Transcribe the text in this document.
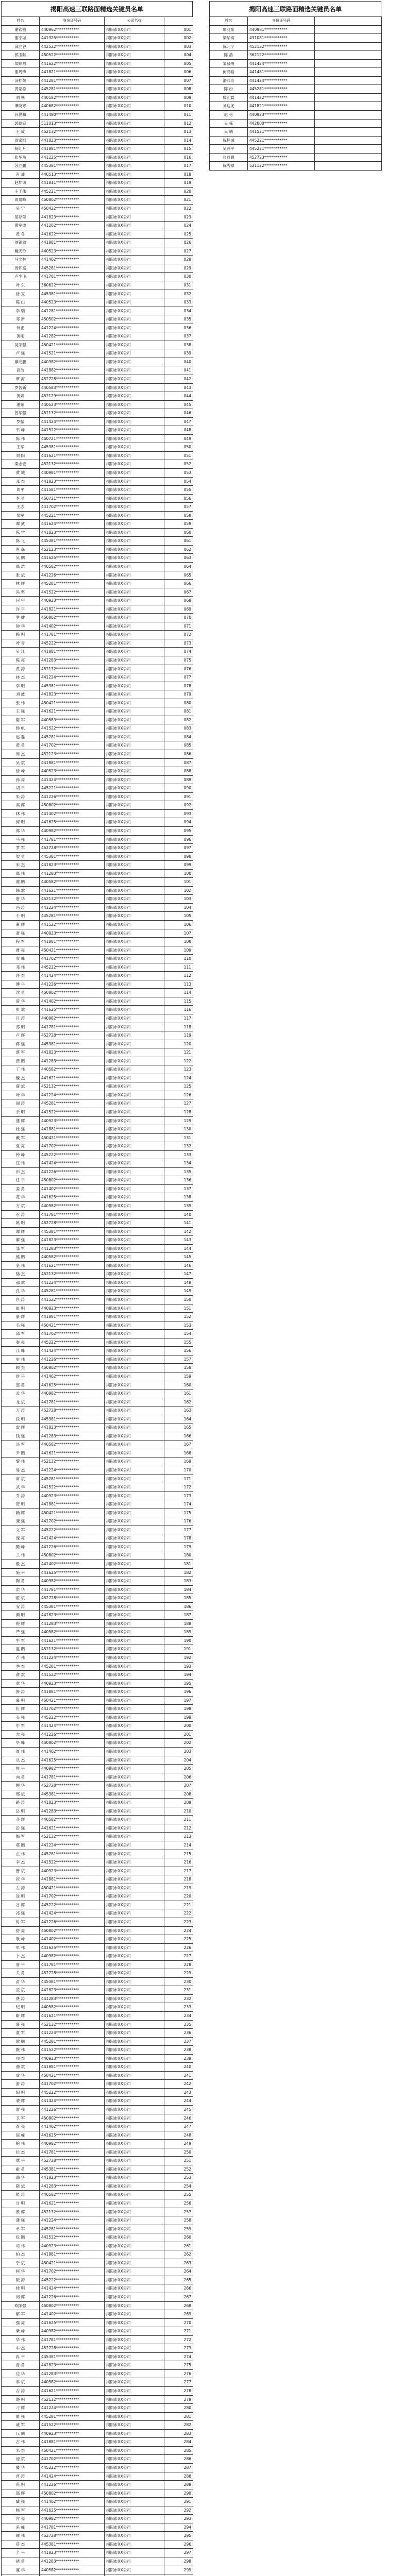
揭阳高速三联路面精选关键员名单
姓名	身份证号码	公司名称	
谢钦楠	440962************	揭阳市XX公司	001
谢宁城	441325************	揭阳市XX公司	002
邱立谷	442522************	揭阳市XX公司	003
郭玉献	450522************	揭阳市XX公司	004
梁顺福	441622************	揭阳市XX公司	005
谢周锋	441821************	揭阳市XX公司	006
汤桂荣	441281************	揭阳市XX公司	007
黄蒙松	445281************	揭阳市XX公司	008
刘 楷	440582************	揭阳市XX公司	009
谭晓寒	440682************	揭阳市XX公司	010
孙世和	441480************	揭阳市XX公司	011
郭德庭	511013************	揭阳市XX公司	012
王 成	452132************	揭阳市XX公司	013
周家纲	441823************	揭阳市XX公司	014
杨红月	441881************	揭阳市XX公司	015
张华岳	441225************	揭阳市XX公司	016
苏立鹏	445381************	揭阳市XX公司	017
肖 沛	440513************	揭阳市XX公司	018
赵坤谦	441811************	揭阳市XX公司	019
王千伟	445221************	揭阳市XX公司	020
周景峰	450802************	揭阳市XX公司	021
吴 宁	450422************	揭阳市XX公司	022
邬存荣	441823************	揭阳市XX公司	023
黄军波	441202************	揭阳市XX公司	024
黄 冬	441622************	揭阳市XX公司	025
刘锦敏	441881************	揭阳市XX公司	026
戴天玲	440523************	揭阳市XX公司	027
马文林	441402************	揭阳市XX公司	028
周怀富	445281************	揭阳市XX公司	029
卢少飞	441781************	揭阳市XX公司	030
叶 东	360622************	揭阳市XX公司	031
徐 宝	445381************	揭阳市XX公司	032
陈 山	440523************	揭阳市XX公司	033
李 瑞	441281************	揭阳市XX公司	034
邓 新	450502************	揭阳市XX公司	035
钟正	441224************	揭阳市XX公司	036
黄刚	441282************	揭阳市XX公司	037
吴荣强	450421************	揭阳市XX公司	038
卢 强	441521************	揭阳市XX公司	039
廖元鹏	440982************	揭阳市XX公司	040
高浩	441882************	揭阳市XX公司	041
覃 海	452728************	揭阳市XX公司	042
罗智新	440583************	揭阳市XX公司	043
黄斌	452129************	揭阳市XX公司	044
潘东	440523************	揭阳市XX公司	045
曾华强	452132************	揭阳市XX公司	046
罗振	441424************	揭阳市XX公司	047
韦 峰	441522************	揭阳市XX公司	048
陈 伟	450721************	揭阳市XX公司	049
王军	445381************	揭阳市XX公司	050
刘 阳	441621************	揭阳市XX公司	051
梁志宏	452132************	揭阳市XX公司	052
黄 城	440981************	揭阳市XX公司	053
邓 杰	441823************	揭阳市XX公司	054
周平	441581************	揭阳市XX公司	055
李 勇	450721************	揭阳市XX公司	056
王志	441702************	揭阳市XX公司	057
梁军	445221************	揭阳市XX公司	058
谭 武	441624************	揭阳市XX公司	059
陈 学	441823************	揭阳市XX公司	060
陈 飞	445381************	揭阳市XX公司	061
唐 磊	452123************	揭阳市XX公司	062
吴 鹏	441625************	揭阳市XX公司	063
郑 浩	440582************	揭阳市XX公司	064
张 斌	441226************	揭阳市XX公司	065
林 辉	445281************	揭阳市XX公司	066
冯 坚	441522************	揭阳市XX公司	067
何 宇	440923************	揭阳市XX公司	068
许 平	441821************	揭阳市XX公司	069
罗 健	450802************	揭阳市XX公司	070
钟 华	441402************	揭阳市XX公司	071
赖 明	441781************	揭阳市XX公司	072
叶 青	445222************	揭阳市XX公司	073
吴 江	441881************	揭阳市XX公司	074
陈 亮	441283************	揭阳市XX公司	075
黄 涛	452132************	揭阳市XX公司	076
林 杰	441224************	揭阳市XX公司	077
李 明	445381************	揭阳市XX公司	078
刘 波	441823************	揭阳市XX公司	079
张 伟	450421************	揭阳市XX公司	080
王 强	441621************	揭阳市XX公司	081
陈 军	440583************	揭阳市XX公司	082
杨 帆	441522************	揭阳市XX公司	083
赵 磊	445281************	揭阳市XX公司	084
黄 勇	441702************	揭阳市XX公司	085
周 杰	452123************	揭阳市XX公司	086
吴 斌	441881************	揭阳市XX公司	087
徐 峰	440523************	揭阳市XX公司	088
孙 亮	441424************	揭阳市XX公司	089
胡 平	445221************	揭阳市XX公司	090
朱 涛	441226************	揭阳市XX公司	091
高 辉	450802************	揭阳市XX公司	092
林 伟	441402************	揭阳市XX公司	093
何 明	441625************	揭阳市XX公司	094
郭 华	440982************	揭阳市XX公司	095
马 强	441781************	揭阳市XX公司	096
罗 军	452728************	揭阳市XX公司	097
梁 勇	445381************	揭阳市XX公司	098
宋 杰	441823************	揭阳市XX公司	099
郑 伟	441283************	揭阳市XX公司	100
谢 鹏	440582************	揭阳市XX公司	101
韩 斌	441621************	揭阳市XX公司	102
唐 华	452132************	揭阳市XX公司	103
冯 涛	441224************	揭阳市XX公司	104
于 明	445281************	揭阳市XX公司	105
董 辉	441522************	揭阳市XX公司	106
萧 强	440923************	揭阳市XX公司	107
程 军	441881************	揭阳市XX公司	108
曹 亮	450421************	揭阳市XX公司	109
袁 峰	441702************	揭阳市XX公司	110
邓 伟	445222************	揭阳市XX公司	111
许 杰	441424************	揭阳市XX公司	112
傅 平	441226************	揭阳市XX公司	113
沈 勇	450802************	揭阳市XX公司	114
曾 华	441402************	揭阳市XX公司	115
彭 斌	441625************	揭阳市XX公司	116
吕 涛	440982************	揭阳市XX公司	117
苏 明	441781************	揭阳市XX公司	118
卢 辉	452728************	揭阳市XX公司	119
蒋 强	445381************	揭阳市XX公司	120
蔡 军	441823************	揭阳市XX公司	121
贾 鹏	441283************	揭阳市XX公司	122
丁 伟	440582************	揭阳市XX公司	123
魏 杰	441621************	揭阳市XX公司	124
薛 斌	452132************	揭阳市XX公司	125
叶 华	441224************	揭阳市XX公司	126
阎 涛	445281************	揭阳市XX公司	127
余 明	441522************	揭阳市XX公司	128
潘 辉	440923************	揭阳市XX公司	129
杜 强	441881************	揭阳市XX公司	130
戴 军	450421************	揭阳市XX公司	131
夏 亮	441702************	揭阳市XX公司	132
钟 峰	445222************	揭阳市XX公司	133
汪 伟	441424************	揭阳市XX公司	134
田 杰	441226************	揭阳市XX公司	135
任 平	450802************	揭阳市XX公司	136
姜 勇	441402************	揭阳市XX公司	137
范 华	441625************	揭阳市XX公司	138
方 斌	440982************	揭阳市XX公司	139
石 涛	441781************	揭阳市XX公司	140
姚 明	452728************	揭阳市XX公司	141
谭 辉	445381************	揭阳市XX公司	142
廖 强	441823************	揭阳市XX公司	143
邹 军	441283************	揭阳市XX公司	144
熊 鹏	440582************	揭阳市XX公司	145
金 伟	441621************	揭阳市XX公司	146
陆 杰	452132************	揭阳市XX公司	147
郝 斌	441224************	揭阳市XX公司	148
孔 华	445281************	揭阳市XX公司	149
白 涛	441522************	揭阳市XX公司	150
崔 明	440923************	揭阳市XX公司	151
康 辉	441881************	揭阳市XX公司	152
毛 强	450421************	揭阳市XX公司	153
邱 军	441702************	揭阳市XX公司	154
秦 亮	445222************	揭阳市XX公司	155
江 峰	441424************	揭阳市XX公司	156
史 伟	441226************	揭阳市XX公司	157
顾 杰	450802************	揭阳市XX公司	158
侯 平	441402************	揭阳市XX公司	159
邵 勇	441625************	揭阳市XX公司	160
孟 华	440982************	揭阳市XX公司	161
龙 斌	441781************	揭阳市XX公司	162
万 涛	452728************	揭阳市XX公司	163
段 明	445381************	揭阳市XX公司	164
雷 辉	441823************	揭阳市XX公司	165
钱 强	441283************	揭阳市XX公司	166
汤 军	440582************	揭阳市XX公司	167
尹 鹏	441621************	揭阳市XX公司	168
黎 伟	452132************	揭阳市XX公司	169
易 杰	441224************	揭阳市XX公司	170
常 斌	445281************	揭阳市XX公司	171
武 华	441522************	揭阳市XX公司	172
乔 涛	440923************	揭阳市XX公司	173
贺 明	441881************	揭阳市XX公司	174
赖 辉	450421************	揭阳市XX公司	175
龚 强	441702************	揭阳市XX公司	176
文 军	445222************	揭阳市XX公司	177
庞 亮	441424************	揭阳市XX公司	178
樊 峰	441226************	揭阳市XX公司	179
兰 伟	450802************	揭阳市XX公司	180
殷 杰	441402************	揭阳市XX公司	181
施 平	441625************	揭阳市XX公司	182
陶 勇	440982************	揭阳市XX公司	183
洪 华	441781************	揭阳市XX公司	184
翟 斌	452728************	揭阳市XX公司	185
安 涛	445381************	揭阳市XX公司	186
颜 明	441823************	揭阳市XX公司	187
倪 辉	441283************	揭阳市XX公司	188
严 强	440582************	揭阳市XX公司	189
牛 军	441621************	揭阳市XX公司	190
温 鹏	452132************	揭阳市XX公司	191
芦 伟	441224************	揭阳市XX公司	192
季 杰	445281************	揭阳市XX公司	193
俞 斌	441522************	揭阳市XX公司	194
章 华	440923************	揭阳市XX公司	195
鲁 涛	441881************	揭阳市XX公司	196
葛 明	450421************	揭阳市XX公司	197
伍 辉	441702************	揭阳市XX公司	198
韦 强	445222************	揭阳市XX公司	199
申 军	441424************	揭阳市XX公司	200
尤 亮	441226************	揭阳市XX公司	201
毕 峰	450802************	揭阳市XX公司	202
聂 伟	441402************	揭阳市XX公司	203
丛 杰	441625************	揭阳市XX公司	204
焦 平	440982************	揭阳市XX公司	205
向 勇	441781************	揭阳市XX公司	206
柳 华	452728************	揭阳市XX公司	207
邢 斌	445381************	揭阳市XX公司	208
路 涛	441823************	揭阳市XX公司	209
岳 明	441283************	揭阳市XX公司	210
齐 辉	440582************	揭阳市XX公司	211
沿 强	441621************	揭阳市XX公司	212
梅 军	452132************	揭阳市XX公司	213
莫 鹏	441224************	揭阳市XX公司	214
庄 伟	445281************	揭阳市XX公司	215
辛 杰	441522************	揭阳市XX公司	216
管 斌	440923************	揭阳市XX公司	217
祝 华	441881************	揭阳市XX公司	218
左 涛	450421************	揭阳市XX公司	219
涂 明	441702************	揭阳市XX公司	220
谷 辉	445222************	揭阳市XX公司	221
祁 强	441424************	揭阳市XX公司	222
时 军	441226************	揭阳市XX公司	223
舒 亮	450802************	揭阳市XX公司	224
耿 峰	441402************	揭阳市XX公司	225
牟 伟	441625************	揭阳市XX公司	226
卜 杰	440982************	揭阳市XX公司	227
詹 平	441781************	揭阳市XX公司	228
关 勇	452728************	揭阳市XX公司	229
苗 华	445381************	揭阳市XX公司	230
凌 斌	441823************	揭阳市XX公司	231
费 涛	441283************	揭阳市XX公司	232
纪 明	440582************	揭阳市XX公司	233
靳 辉	441621************	揭阳市XX公司	234
盛 强	452132************	揭阳市XX公司	235
童 军	441224************	揭阳市XX公司	236
欧 鹏	445281************	揭阳市XX公司	237
甄 伟	441522************	揭阳市XX公司	238
项 杰	440923************	揭阳市XX公司	239
曲 斌	441881************	揭阳市XX公司	240
成 华	450421************	揭阳市XX公司	241
游 涛	441702************	揭阳市XX公司	242
阳 明	445222************	揭阳市XX公司	243
裴 辉	441424************	揭阳市XX公司	244
席 强	441226************	揭阳市XX公司	245
卫 军	450802************	揭阳市XX公司	246
查 亮	441402************	揭阳市XX公司	247
屈 峰	441625************	揭阳市XX公司	248
鲍 伟	440982************	揭阳市XX公司	249
位 杰	441781************	揭阳市XX公司	250
覃 平	452728************	揭阳市XX公司	251
霍 勇	445381************	揭阳市XX公司	252
翁 华	441823************	揭阳市XX公司	253
隋 斌	441283************	揭阳市XX公司	254
植 涛	440582************	揭阳市XX公司	255
甘 明	441621************	揭阳市XX公司	256
景 辉	452132************	揭阳市XX公司	257
薄 强	441224************	揭阳市XX公司	258
单 军	445281************	揭阳市XX公司	259
包 鹏	441522************	揭阳市XX公司	260
司 伟	440923************	揭阳市XX公司	261
柏 杰	441881************	揭阳市XX公司	262
宁 斌	450421************	揭阳市XX公司	263
柯 华	441702************	揭阳市XX公司	264
阮 涛	445222************	揭阳市XX公司	265
桂 明	441424************	揭阳市XX公司	266
闵 辉	441226************	揭阳市XX公司	267
欧阳强	450802************	揭阳市XX公司	268
解 军	441402************	揭阳市XX公司	269
强 亮	441625************	揭阳市XX公司	270
柴 峰	440982************	揭阳市XX公司	271
华 伟	441781************	揭阳市XX公司	272
车 杰	452728************	揭阳市XX公司	273
冉 平	445381************	揭阳市XX公司	274
房 勇	441823************	揭阳市XX公司	275
边 华	441283************	揭阳市XX公司	276
辜 斌	440582************	揭阳市XX公司	277
吉 涛	441621************	揭阳市XX公司	278
饶 明	452132************	揭阳市XX公司	279
刁 辉	441224************	揭阳市XX公司	280
瞿 强	445281************	揭阳市XX公司	281
戚 军	441522************	揭阳市XX公司	282
丘 鹏	440923************	揭阳市XX公司	283
古 伟	441881************	揭阳市XX公司	284
米 杰	450421************	揭阳市XX公司	285
池 斌	441702************	揭阳市XX公司	286
滕 华	445222************	揭阳市XX公司	287
晋 涛	441424************	揭阳市XX公司	288
苑 明	441226************	揭阳市XX公司	289
邬 辉	450802************	揭阳市XX公司	290
臧 强	441402************	揭阳市XX公司	291
畅 军	441625************	揭阳市XX公司	292
宫 亮	440982************	揭阳市XX公司	293
来 峰	441781************	揭阳市XX公司	294
嵺 伟	452728************	揭阳市XX公司	295
苟 杰	445381************	揭阳市XX公司	296
全 平	441823************	揭阳市XX公司	297
褚 勇	441283************	揭阳市XX公司	298
廉 华	440582************	揭阳市XX公司	299

揭阳高速三联路面精选关键员名单
姓名	身份证号码	
廖河东	440981************	
梁华海	431081************	
陈元宁	452132************	
陈 浩	362122************	
邹毅明	441424************	
何鸿皓	441481************	
潘沛奇	441424************	
陈 纷	445281************	
滕汇霖	441422************	
刘达尧	441821************	
赵 伦	440923************	
吴 栋	442000************	
吴 鹤	441521************	
陈梓城	445221************	
吴泽平	445221************	
张燕娟	452723************	
陈秀翠	521122************	
